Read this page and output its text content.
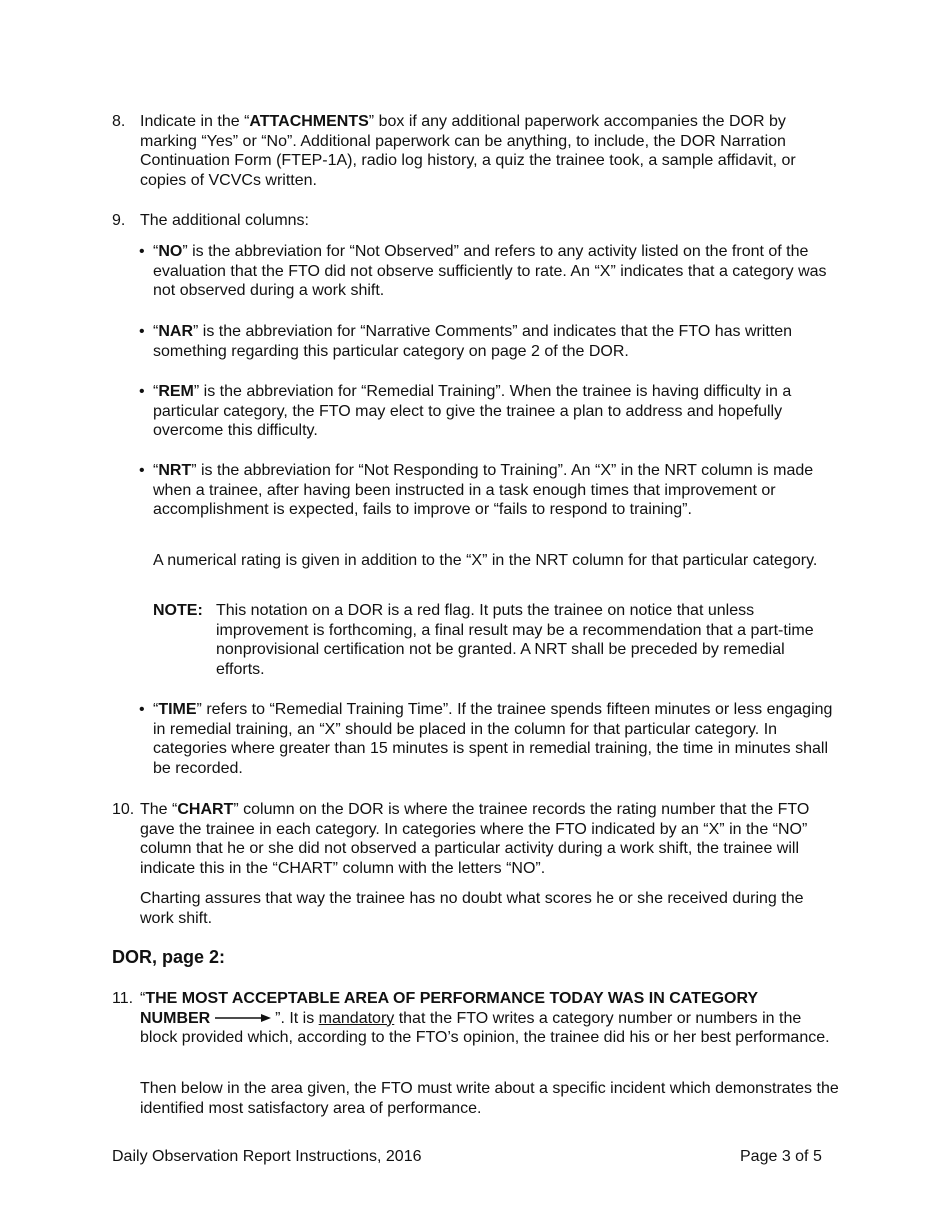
8. Indicate in the “ATTACHMENTS” box if any additional paperwork accompanies the DOR by marking “Yes” or “No”. Additional paperwork can be anything, to include, the DOR Narration Continuation Form (FTEP-1A), radio log history, a quiz the trainee took, a sample affidavit, or copies of VCVCs written.
9. The additional columns:
• “NO” is the abbreviation for “Not Observed” and refers to any activity listed on the front of the evaluation that the FTO did not observe sufficiently to rate. An “X” indicates that a category was not observed during a work shift.
• “NAR” is the abbreviation for “Narrative Comments” and indicates that the FTO has written something regarding this particular category on page 2 of the DOR.
• “REM” is the abbreviation for “Remedial Training”. When the trainee is having difficulty in a particular category, the FTO may elect to give the trainee a plan to address and hopefully overcome this difficulty.
• “NRT” is the abbreviation for “Not Responding to Training”. An “X” in the NRT column is made when a trainee, after having been instructed in a task enough times that improvement or accomplishment is expected, fails to improve or “fails to respond to training”.
A numerical rating is given in addition to the “X” in the NRT column for that particular category.
NOTE: This notation on a DOR is a red flag. It puts the trainee on notice that unless improvement is forthcoming, a final result may be a recommendation that a part-time nonprovisional certification not be granted. A NRT shall be preceded by remedial efforts.
• “TIME” refers to “Remedial Training Time”. If the trainee spends fifteen minutes or less engaging in remedial training, an “X” should be placed in the column for that particular category. In categories where greater than 15 minutes is spent in remedial training, the time in minutes shall be recorded.
10. The “CHART” column on the DOR is where the trainee records the rating number that the FTO gave the trainee in each category. In categories where the FTO indicated by an “X” in the “NO” column that he or she did not observed a particular activity during a work shift, the trainee will indicate this in the “CHART” column with the letters “NO”.
Charting assures that way the trainee has no doubt what scores he or she received during the work shift.
DOR, page 2:
11. “THE MOST ACCEPTABLE AREA OF PERFORMANCE TODAY WAS IN CATEGORY
NUMBER	”. It is mandatory that the FTO writes a category number or numbers in the block provided which, according to the FTO’s opinion, the trainee did his or her best performance.
Then below in the area given, the FTO must write about a specific incident which demonstrates the identified most satisfactory area of performance.
Daily Observation Report Instructions, 2016	Page 3 of 5
